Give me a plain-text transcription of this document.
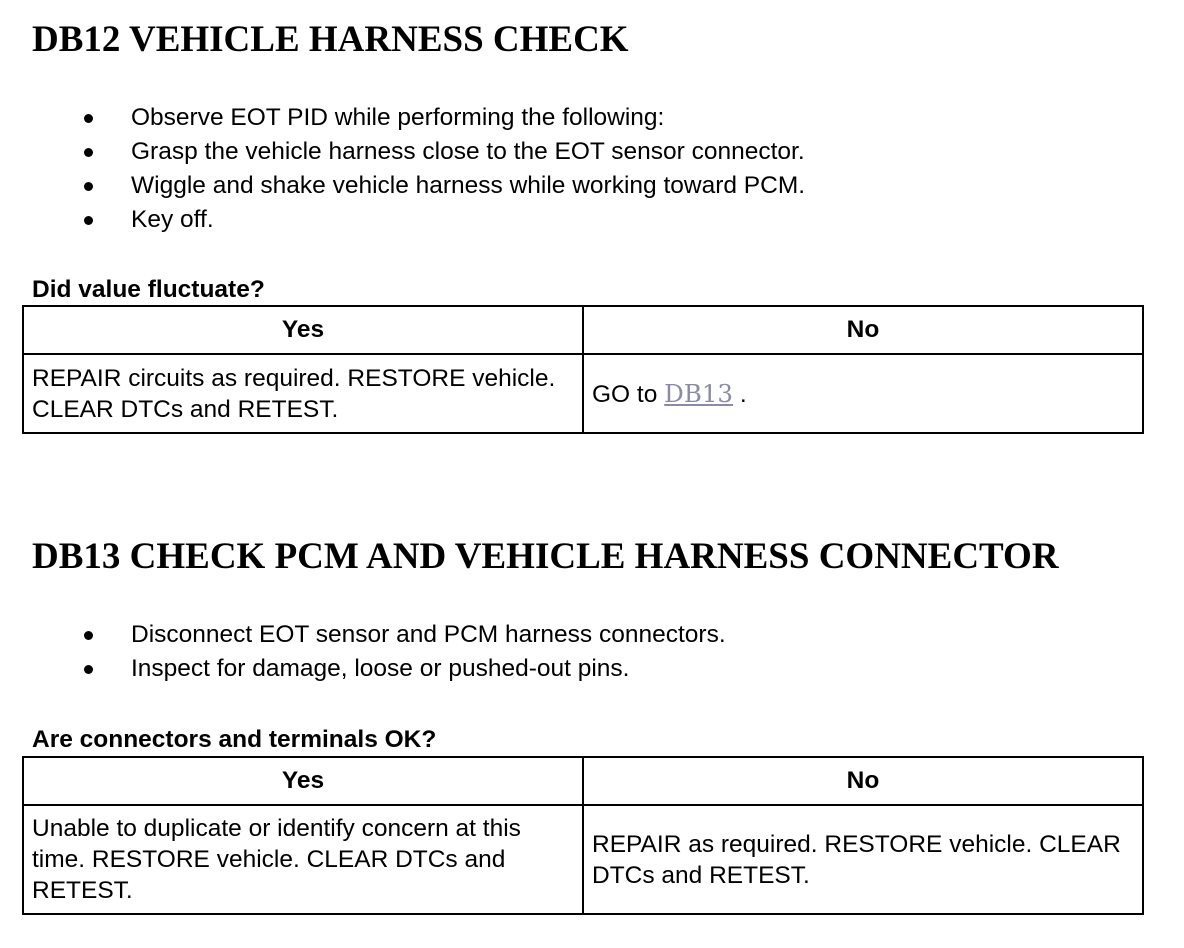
DB12 VEHICLE HARNESS CHECK
Observe EOT PID while performing the following:
Grasp the vehicle harness close to the EOT sensor connector.
Wiggle and shake vehicle harness while working toward PCM.
Key off.
Did value fluctuate?
Yes	No
REPAIR circuits as required. RESTORE vehicle. CLEAR DTCs and RETEST.	GO to DB13 .
DB13 CHECK PCM AND VEHICLE HARNESS CONNECTOR
Disconnect EOT sensor and PCM harness connectors.
Inspect for damage, loose or pushed-out pins.
Are connectors and terminals OK?
Yes	No
Unable to duplicate or identify concern at this time. RESTORE vehicle. CLEAR DTCs and RETEST.	REPAIR as required. RESTORE vehicle. CLEAR DTCs and RETEST.
